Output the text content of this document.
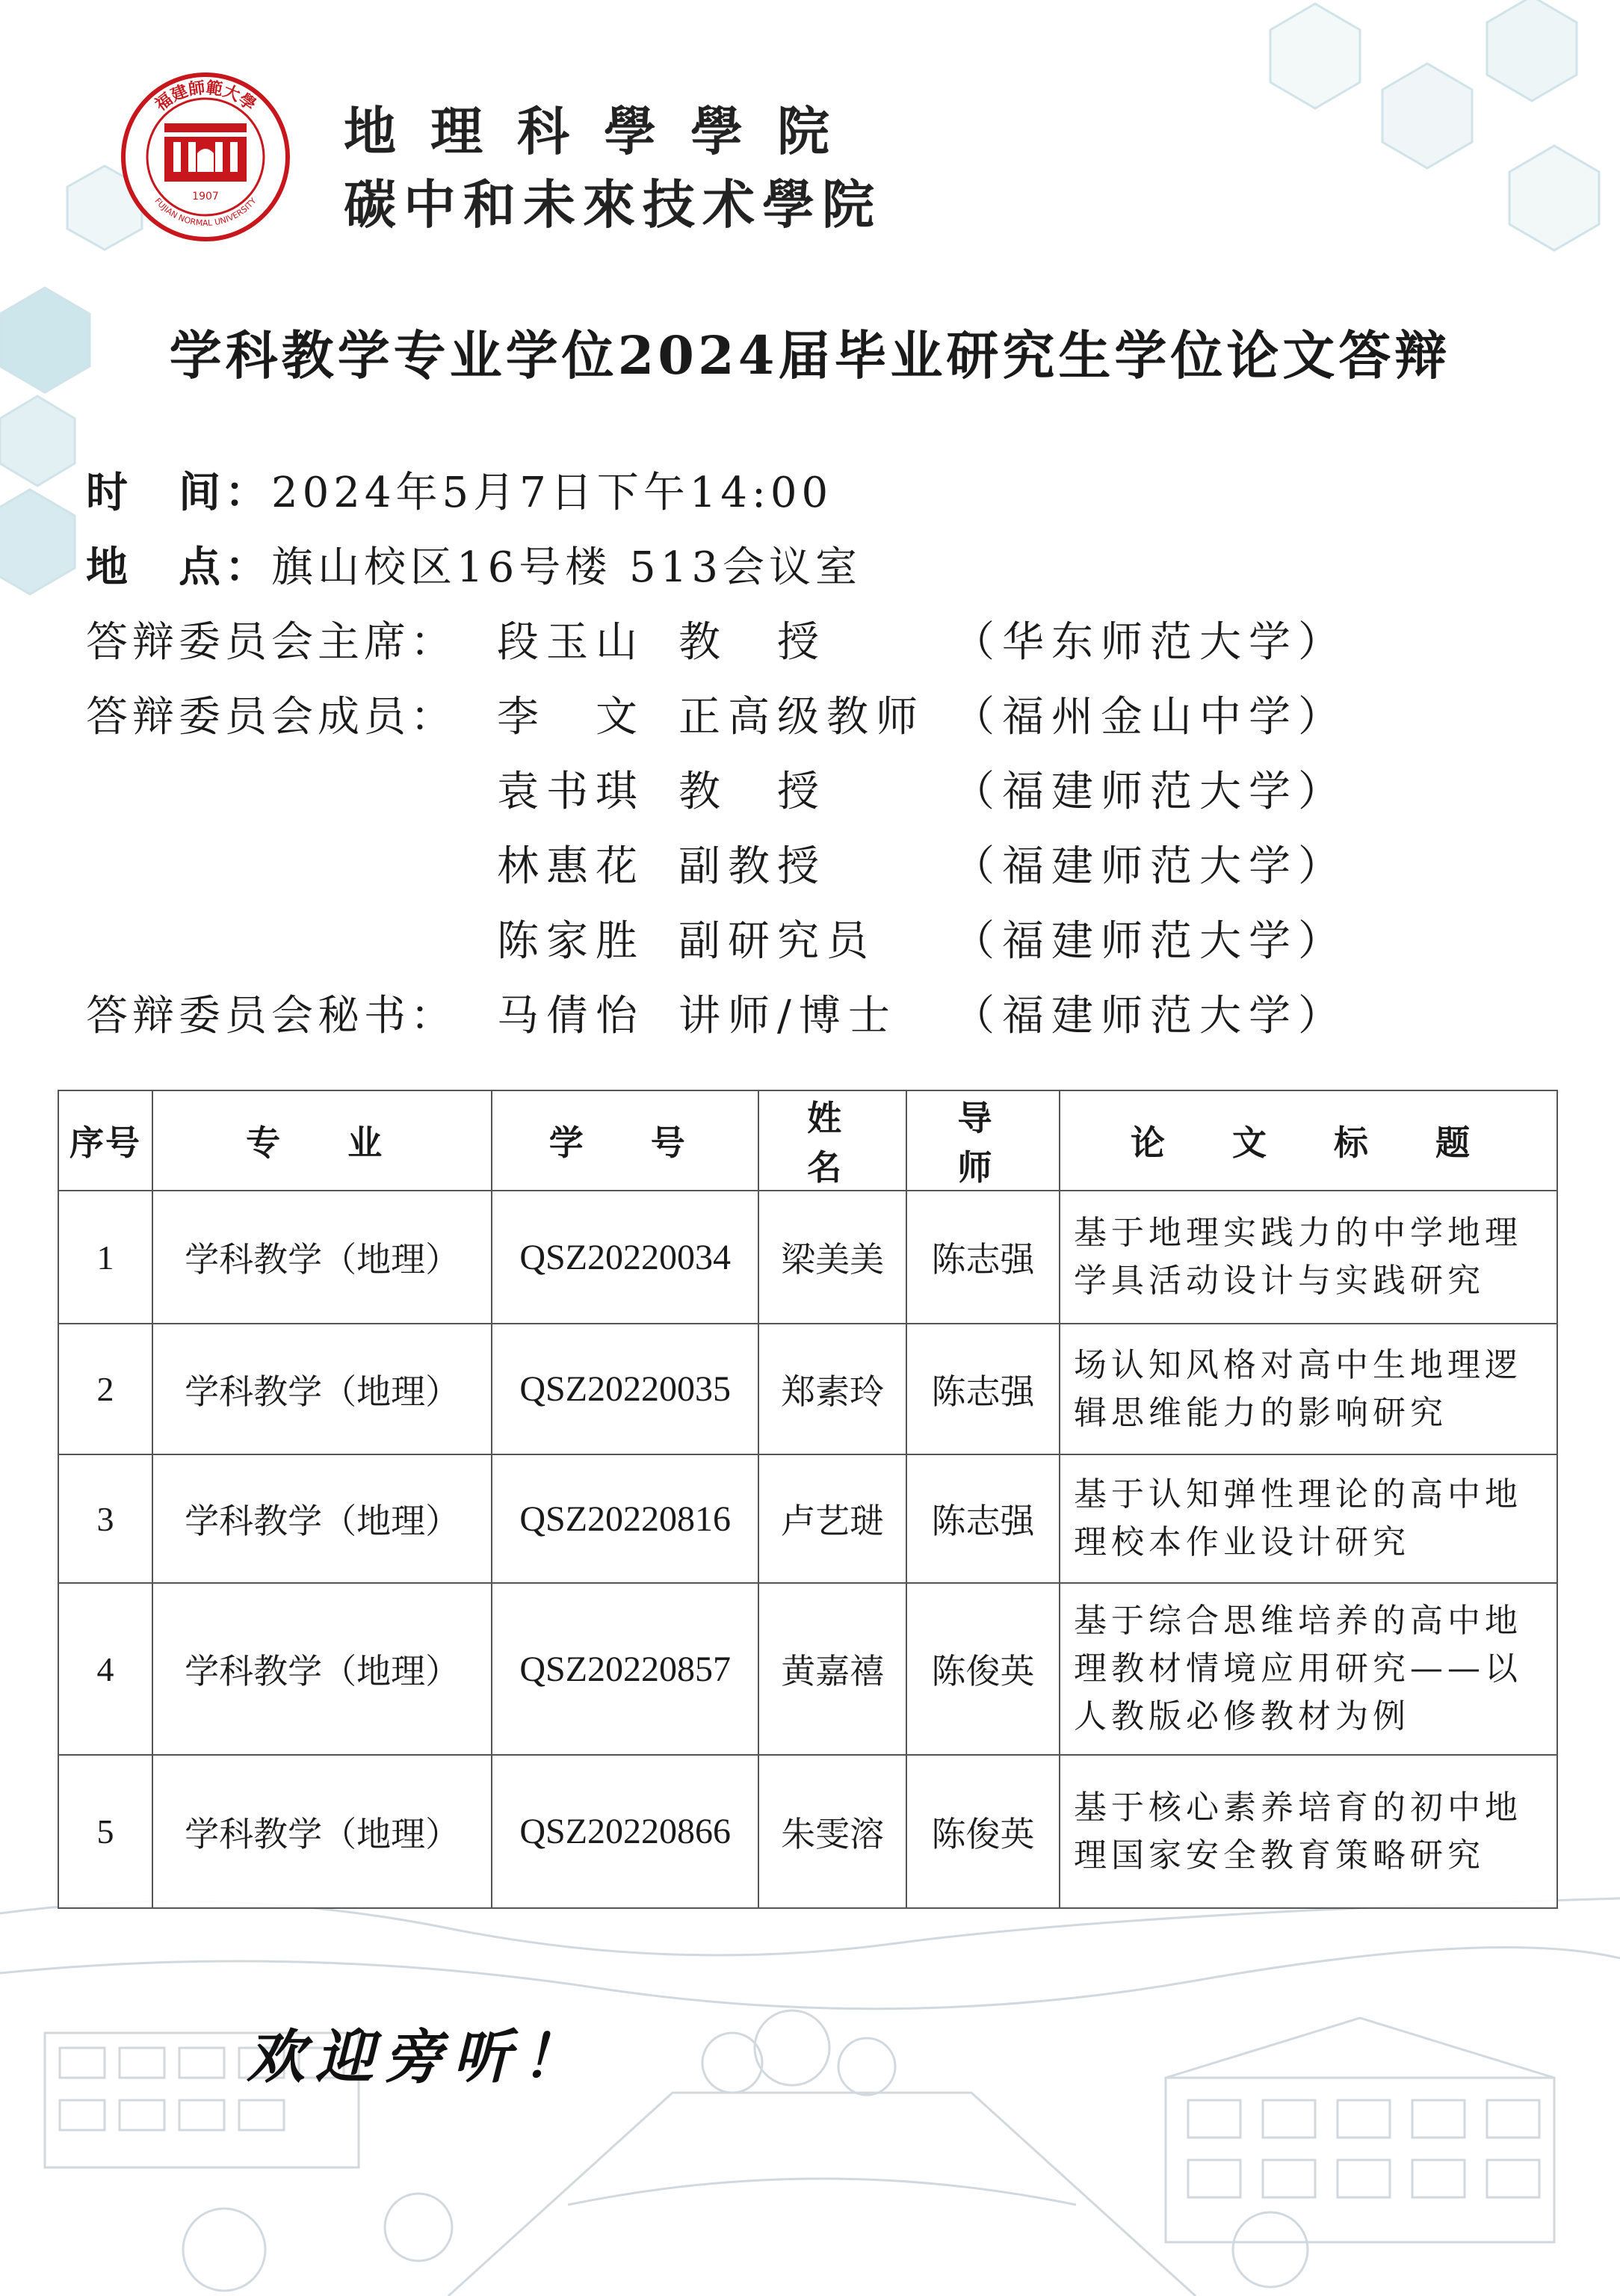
福建師範大學
FUJIAN NORMAL UNIVERSITY
1907
地理科學學院
碳中和未來技术學院
学科教学专业学位2024届毕业研究生学位论文答辩
时　间：2024年5月7日下午14:00
地　点：旗山校区16号楼 513会议室
答辩委员会主席： 段玉山 教　授	（华东师范大学）
答辩委员会成员： 李　文 正高级教师 （福州金山中学）
袁书琪 教　授	（福建师范大学）
林惠花 副教授	（福建师范大学）
陈家胜 副研究员 （福建师范大学）
答辩委员会秘书： 马倩怡 讲师/博士 （福建师范大学）
序号	专　业	学　号	姓　名	导　师	论　文　标　题
1	学科教学（地理）	QSZ20220034	梁美美	陈志强	基于地理实践力的中学地理学具活动设计与实践研究
2	学科教学（地理）	QSZ20220035	郑素玲	陈志强	场认知风格对高中生地理逻辑思维能力的影响研究
3	学科教学（地理）	QSZ20220816	卢艺琎	陈志强	基于认知弹性理论的高中地理校本作业设计研究
4	学科教学（地理）	QSZ20220857	黄嘉禧	陈俊英	基于综合思维培养的高中地理教材情境应用研究——以人教版必修教材为例
5	学科教学（地理）	QSZ20220866	朱雯溶	陈俊英	基于核心素养培育的初中地理国家安全教育策略研究
欢迎旁听！
